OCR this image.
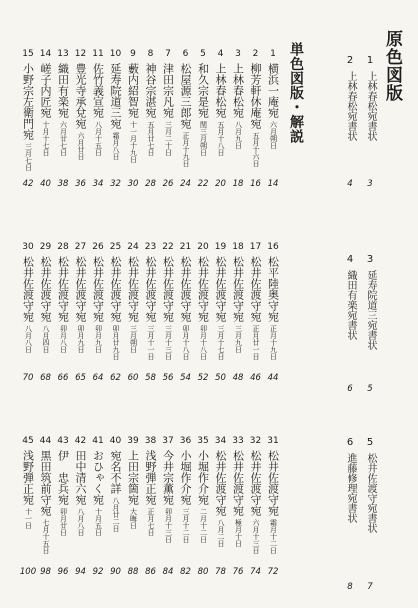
原色図版
単色図版・解説	1
上林春松宛書状
3
2
上林春松宛書状
4
3
延寿院道三宛書状
5
4
織田有楽宛書状
6
5
松井佐渡守宛書状
7
6
進藤修理宛書状
8
1
横浜一庵宛
六月朔日
14
2
柳芳軒休庵宛
五月十六日
16
3
上林春松宛
八月九日
18
4
上林春松宛
五月十八日
20
5
和久宗是宛
閏三月朔日
22
6
松屋源三郎宛
正月十九日
24
7
津田宗凡宛
三月二十日
26
8
神谷宗湛宛
五月廿七日
28
9
藪内紹智宛
十一月十九日
30
10
延寿院道三宛
霜月八日
32
11
佐竹義宣宛
八月十五日
34
12
豊光寺承兌宛
六月廿日
36
13
織田有楽宛
六月廿七日
38
14
嵯子内匠宛
十月十七日
40
15
小野宗左衛門宛
三月七日
42
16
松平陸奥守宛
正月十九日
44
17
松井佐渡守宛
正月廿一日
46
18
松井佐渡守宛
三月九日
48
19
松井佐渡守宛
三月十七日
50
20
松井佐渡守宛
卯月十八日
52
21
松井佐渡守宛
卯月十八日
54
22
松井佐渡守宛
三月十三日
56
23
松井佐渡守宛
三月十一日
58
24
松井佐渡守宛
三月朔日
60
25
松井佐渡守宛
卯月廿九日
62
26
松井佐渡守宛
卯月九日
64
27
松井佐渡守宛
卯月九日
65
28
松井佐渡守宛
卯月八日
66
29
松井佐渡守宛
八月四日
68
30
松井佐渡守宛
八月八日
70
31
松井佐渡守宛
霜月十二日
72
32
松井佐渡守宛
六月十三日
74
33
松井佐渡守宛
極月十日
76
34
松井佐渡守宛
八月二日
78
35
小堀作介宛
二月十二日
80
36
小堀作介宛
三月十二日
82
37
今井宗薫宛
卯月十三日
84
38
浅野弾正宛
正月七日
86
39
上田宗箇宛
大晦日
88
40
宛名不詳
八月廿二日
90
41
おひゃく宛
十月五日
92
42
田中清六宛
八月八日
94
43
伊　忠兵宛
卯月廿日
96
44
黒田筑前守宛
七月十五日
98
45
浅野弾正宛
十一日
100
